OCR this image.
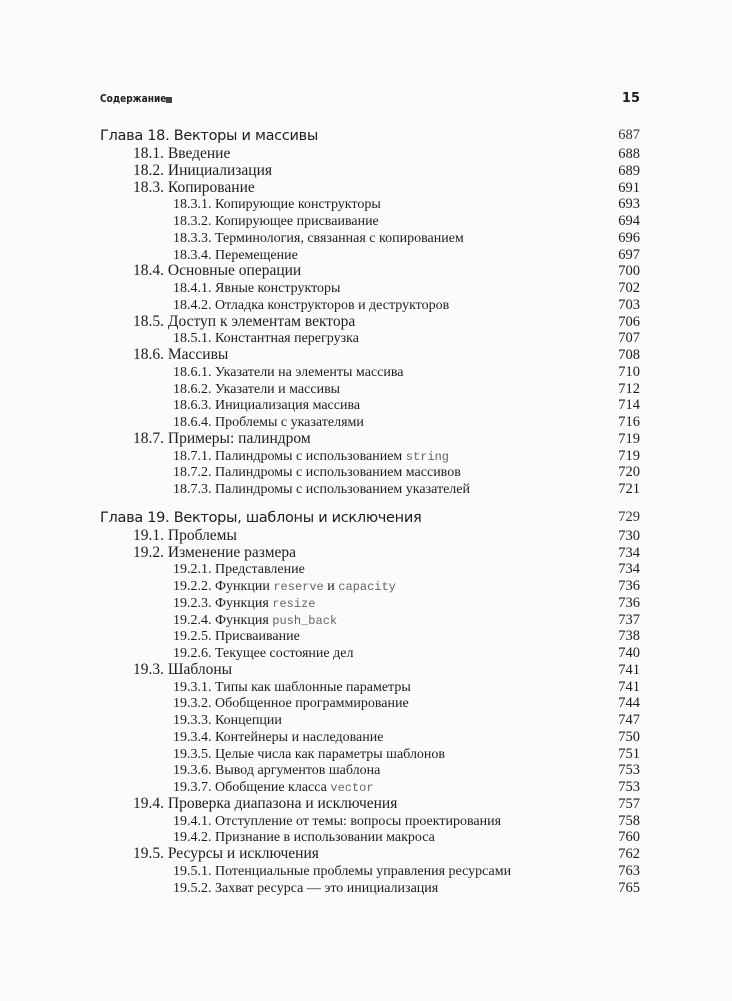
Содержание	15
Глава 18. Векторы и массивы	687
18.1. Введение	688
18.2. Инициализация	689
18.3. Копирование	691
18.3.1. Копирующие конструкторы	693
18.3.2. Копирующее присваивание	694
18.3.3. Терминология, связанная с копированием	696
18.3.4. Перемещение	697
18.4. Основные операции	700
18.4.1. Явные конструкторы	702
18.4.2. Отладка конструкторов и деструкторов	703
18.5. Доступ к элементам вектора	706
18.5.1. Константная перегрузка	707
18.6. Массивы	708
18.6.1. Указатели на элементы массива	710
18.6.2. Указатели и массивы	712
18.6.3. Инициализация массива	714
18.6.4. Проблемы с указателями	716
18.7. Примеры: палиндром	719
18.7.1. Палиндромы с использованием string	719
18.7.2. Палиндромы с использованием массивов	720
18.7.3. Палиндромы с использованием указателей	721
Глава 19. Векторы, шаблоны и исключения	729
19.1. Проблемы	730
19.2. Изменение размера	734
19.2.1. Представление	734
19.2.2. Функции reserve и capacity	736
19.2.3. Функция resize	736
19.2.4. Функция push_back	737
19.2.5. Присваивание	738
19.2.6. Текущее состояние дел	740
19.3. Шаблоны	741
19.3.1. Типы как шаблонные параметры	741
19.3.2. Обобщенное программирование	744
19.3.3. Концепции	747
19.3.4. Контейнеры и наследование	750
19.3.5. Целые числа как параметры шаблонов	751
19.3.6. Вывод аргументов шаблона	753
19.3.7. Обобщение класса vector	753
19.4. Проверка диапазона и исключения	757
19.4.1. Отступление от темы: вопросы проектирования	758
19.4.2. Признание в использовании макроса	760
19.5. Ресурсы и исключения	762
19.5.1. Потенциальные проблемы управления ресурсами	763
19.5.2. Захват ресурса — это инициализация	765
